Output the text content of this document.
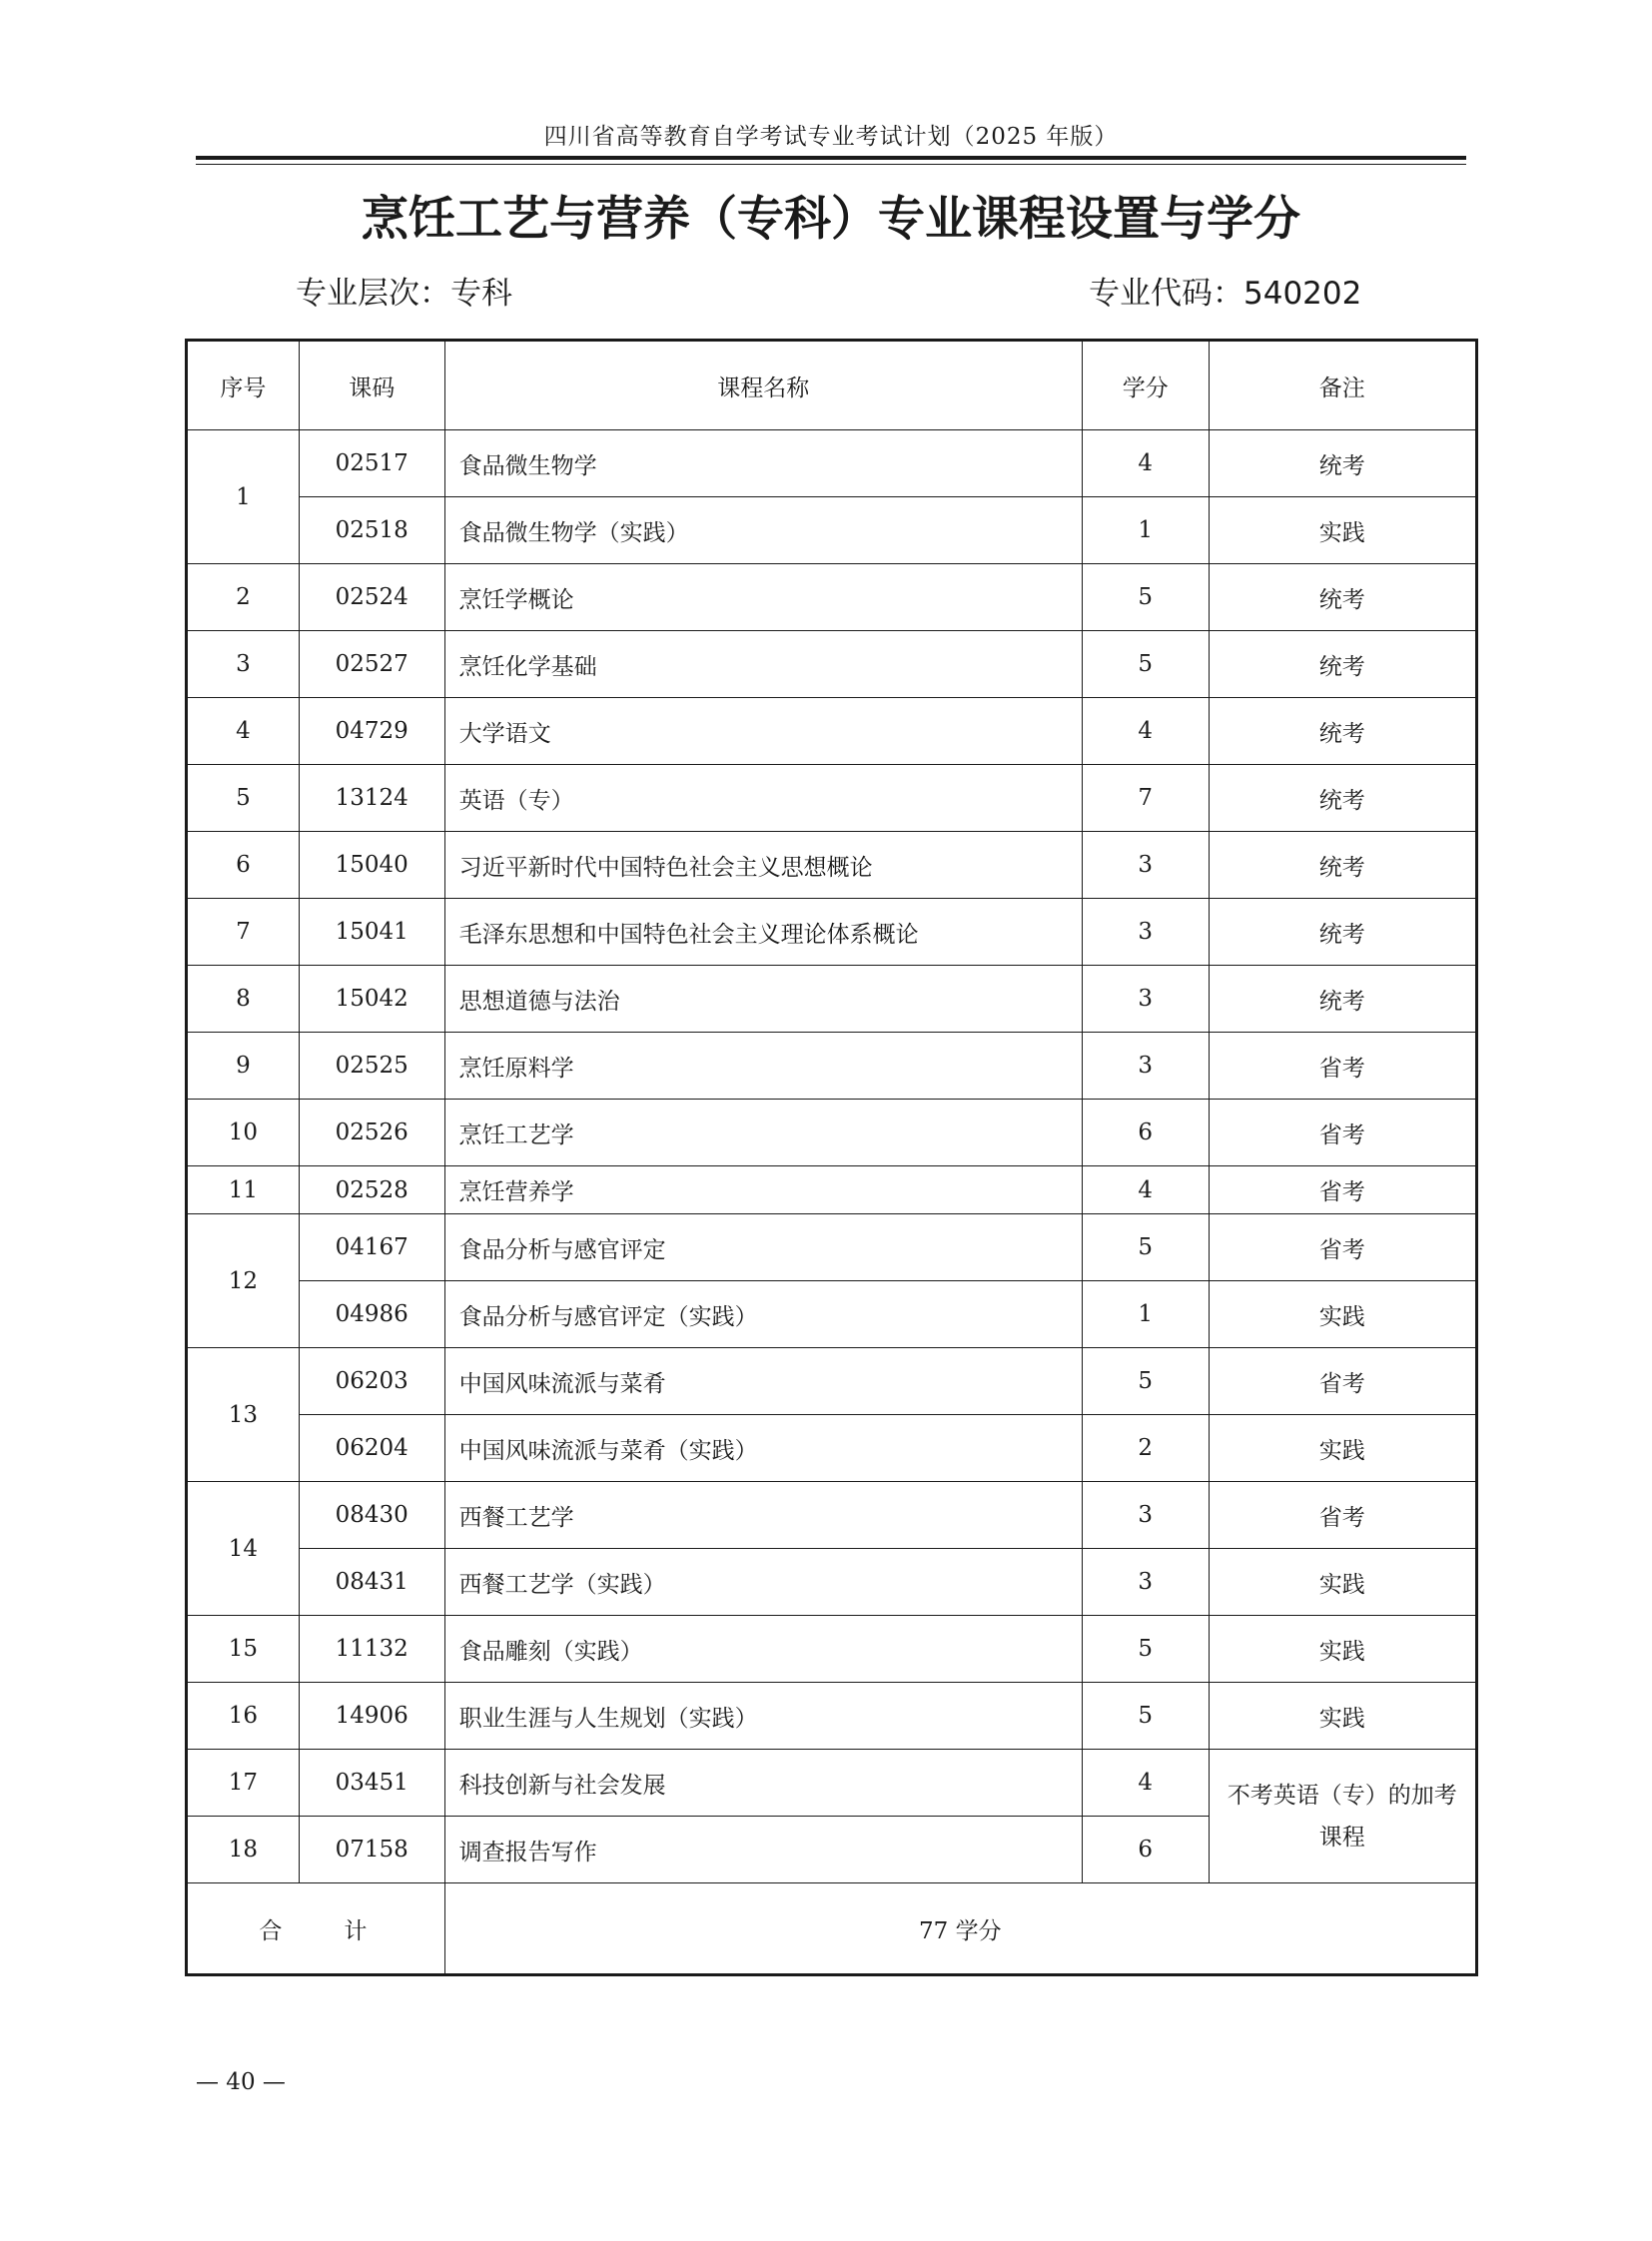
四川省高等教育自学考试专业考试计划（2025 年版）
烹饪工艺与营养（专科）专业课程设置与学分
专业层次：专科	专业代码：540202
序号	课码	课程名称	学分	备注
1	02517	食品微生物学	4	统考
	02518	食品微生物学（实践）	1	实践
2	02524	烹饪学概论	5	统考
3	02527	烹饪化学基础	5	统考
4	04729	大学语文	4	统考
5	13124	英语（专）	7	统考
6	15040	习近平新时代中国特色社会主义思想概论	3	统考
7	15041	毛泽东思想和中国特色社会主义理论体系概论	3	统考
8	15042	思想道德与法治	3	统考
9	02525	烹饪原料学	3	省考
10	02526	烹饪工艺学	6	省考
11	02528	烹饪营养学	4	省考
12	04167	食品分析与感官评定	5	省考
	04986	食品分析与感官评定（实践）	1	实践
13	06203	中国风味流派与菜肴	5	省考
	06204	中国风味流派与菜肴（实践）	2	实践
14	08430	西餐工艺学	3	省考
	08431	西餐工艺学（实践）	3	实践
15	11132	食品雕刻（实践）	5	实践
16	14906	职业生涯与人生规划（实践）	5	实践
17	03451	科技创新与社会发展	4	不考英语（专）的加考课程
18	07158	调查报告写作	6	
合计		77 学分		
— 40 —
